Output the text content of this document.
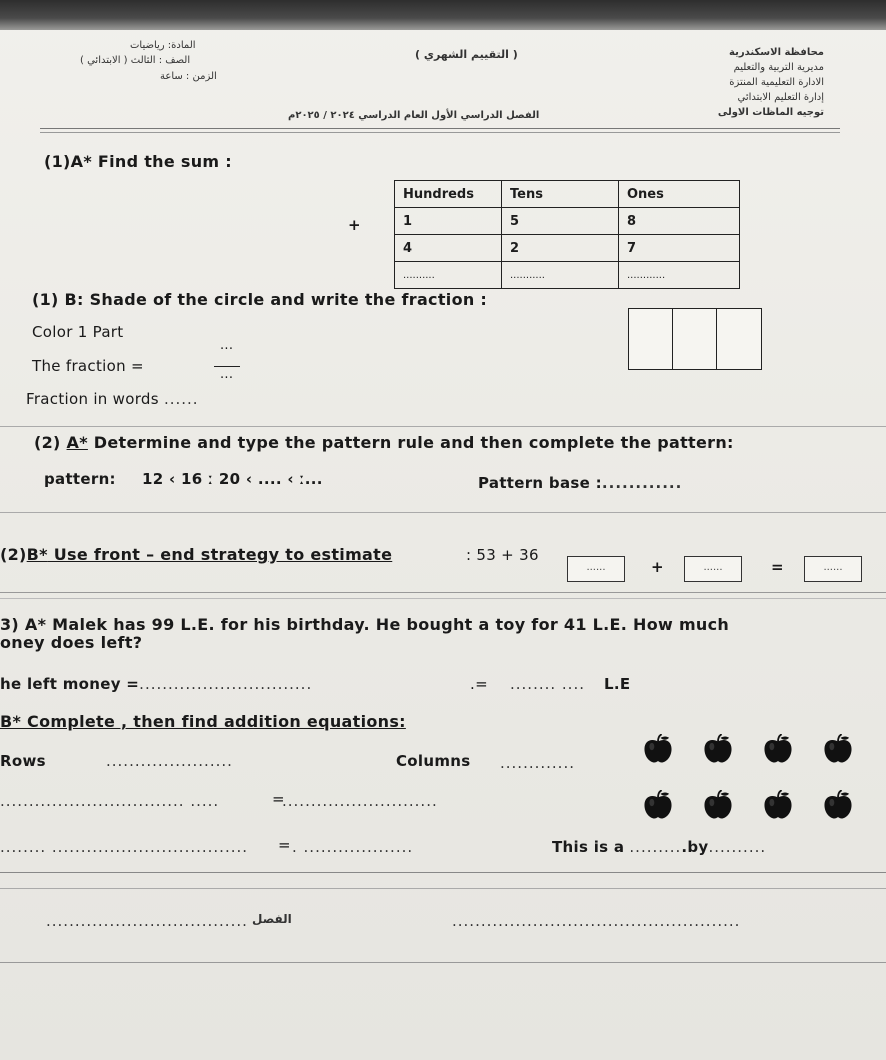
محافظة الاسكندرية
مديرية التربية والتعليم
الادارة التعليمية المنتزة
إدارة التعليم الابتدائي
توجيه الماظات الاولى
( التقييم الشهري )
المادة: رياضيات
الصف : الثالث ( الابتدائي )
الزمن : ساعة
الفصل الدراسي الأول العام الدراسي ٢٠٢٤ / ٢٠٢٥م
(1)A* Find the sum :
+
Hundreds	Tens	Ones
1	5	8
4	2	7
..........	...........	............
(1) B: Shade of the circle and write the fraction :
Color 1 Part
The fraction =
...
...
Fraction in words ......
(2) A* Determine and type the pattern rule and then complete the pattern:
pattern: 12 ‹ 16 ː 20 ‹ .... ‹ ː...	Pattern base :............
(2)B* Use front – end strategy to estimate	: 53 + 36
......	+	......	=	......
3) A* Malek has 99 L.E. for his birthday. He bought a toy for 41 L.E. How much
oney does left?
he left money =..............................	.= ........ .... L.E
B* Complete , then find addition equations:
Rows	......................	Columns .............
................................ .....	=
...........................
........ .................................. = . ...................	This is a ..........by..........
................................... الفصل	..................................................
